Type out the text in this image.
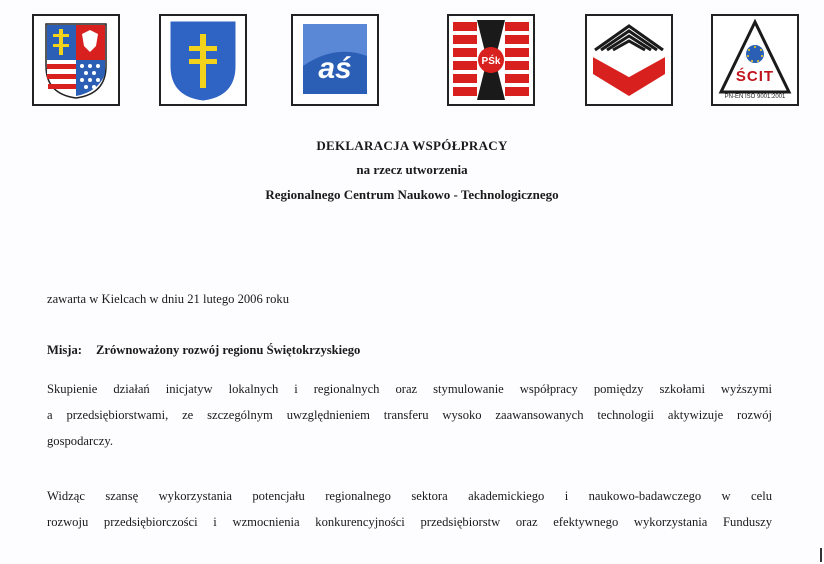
aś	PŚk
ŚCIT
PN-EN ISO 9001:2001
DEKLARACJA WSPÓŁPRACY
na rzecz utworzenia
Regionalnego Centrum Naukowo - Technologicznego
zawarta w Kielcach w dniu 21 lutego 2006 roku
Misja: Zrównoważony rozwój regionu Świętokrzyskiego
Skupienie działań inicjatyw lokalnych i regionalnych oraz stymulowanie współpracy pomiędzy szkołami wyższymi
a przedsiębiorstwami, ze szczególnym uwzględnieniem transferu wysoko zaawansowanych technologii aktywizuje rozwój
gospodarczy.
Widząc szansę wykorzystania potencjału regionalnego sektora akademickiego i naukowo-badawczego w celu
rozwoju przedsiębiorczości i wzmocnienia konkurencyjności przedsiębiorstw oraz efektywnego wykorzystania Funduszy
